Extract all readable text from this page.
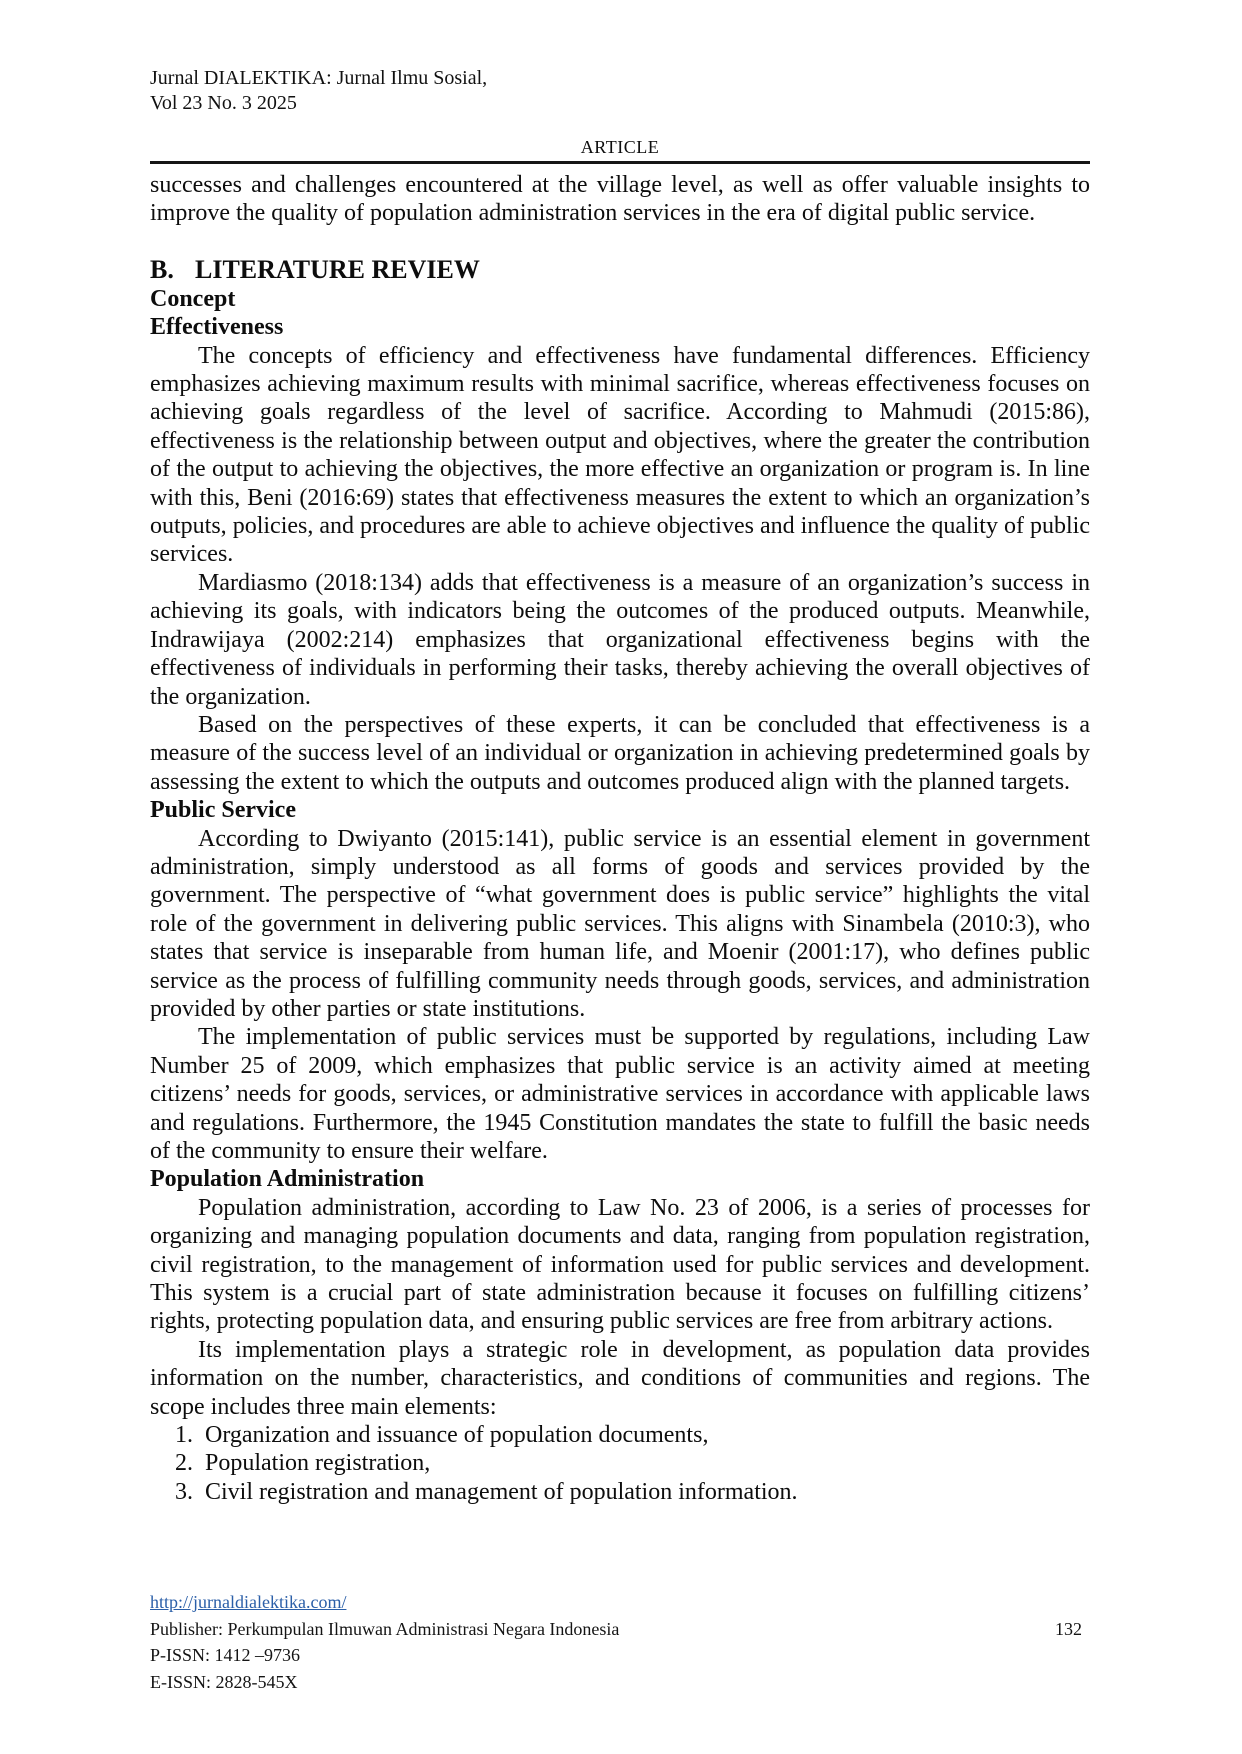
Jurnal DIALEKTIKA: Jurnal Ilmu Sosial,
Vol 23 No. 3 2025
ARTICLE

successes and challenges encountered at the village level, as well as offer valuable insights to improve the quality of population administration services in the era of digital public service.

B. LITERATURE REVIEW
Concept
Effectiveness

The concepts of efficiency and effectiveness have fundamental differences. Efficiency emphasizes achieving maximum results with minimal sacrifice, whereas effectiveness focuses on achieving goals regardless of the level of sacrifice. According to Mahmudi (2015:86), effectiveness is the relationship between output and objectives, where the greater the contribution of the output to achieving the objectives, the more effective an organization or program is. In line with this, Beni (2016:69) states that effectiveness measures the extent to which an organization’s outputs, policies, and procedures are able to achieve objectives and influence the quality of public services.

Mardiasmo (2018:134) adds that effectiveness is a measure of an organization’s success in achieving its goals, with indicators being the outcomes of the produced outputs. Meanwhile, Indrawijaya (2002:214) emphasizes that organizational effectiveness begins with the effectiveness of individuals in performing their tasks, thereby achieving the overall objectives of the organization.

Based on the perspectives of these experts, it can be concluded that effectiveness is a measure of the success level of an individual or organization in achieving predetermined goals by assessing the extent to which the outputs and outcomes produced align with the planned targets.

Public Service

According to Dwiyanto (2015:141), public service is an essential element in government administration, simply understood as all forms of goods and services provided by the government. The perspective of “what government does is public service” highlights the vital role of the government in delivering public services. This aligns with Sinambela (2010:3), who states that service is inseparable from human life, and Moenir (2001:17), who defines public service as the process of fulfilling community needs through goods, services, and administration provided by other parties or state institutions.

The implementation of public services must be supported by regulations, including Law Number 25 of 2009, which emphasizes that public service is an activity aimed at meeting citizens’ needs for goods, services, or administrative services in accordance with applicable laws and regulations. Furthermore, the 1945 Constitution mandates the state to fulfill the basic needs of the community to ensure their welfare.

Population Administration

Population administration, according to Law No. 23 of 2006, is a series of processes for organizing and managing population documents and data, ranging from population registration, civil registration, to the management of information used for public services and development. This system is a crucial part of state administration because it focuses on fulfilling citizens’ rights, protecting population data, and ensuring public services are free from arbitrary actions.

Its implementation plays a strategic role in development, as population data provides information on the number, characteristics, and conditions of communities and regions. The scope includes three main elements:

1. Organization and issuance of population documents,
2. Population registration,
3. Civil registration and management of population information.
http://jurnaldialektika.com/
Publisher: Perkumpulan Ilmuwan Administrasi Negara Indonesia	132
P-ISSN: 1412 –9736
E-ISSN: 2828-545X
